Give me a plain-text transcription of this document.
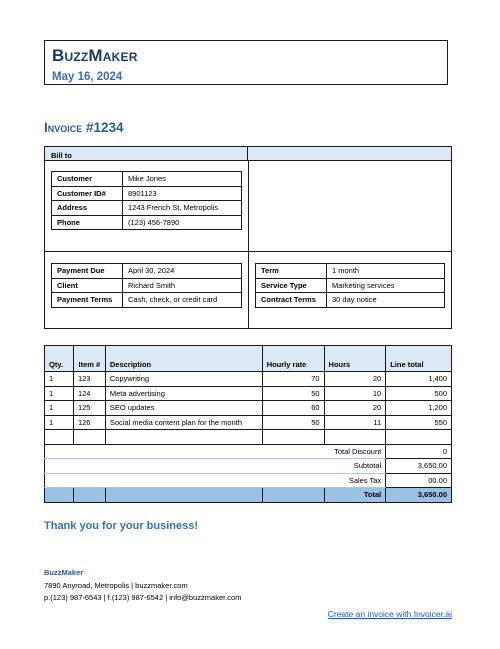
BuzzMaker
May 16, 2024
Invoice #1234
Bill to
Customer	Mike Jones
Customer ID#	8901123
Address	1243 French St, Metropolis
Phone	(123) 456-7890
Payment Due	April 30, 2024
Client	Richard Smith
Payment Terms	Cash, check, or credit card
Term	1 month
Service Type	Marketing services
Contract Terms	30 day notice
Qty.	Item #	Description	Hourly rate	Hours	Line total
1	123	Copywriting	70	20	1,400
1	124	Meta advertising	50	10	500
1	125	SEO updates	60	20	1,200
1	126	Social media content plan for the month	50	11	550

Total Discount					0
Subtotal					3,650.00
Sales Tax					00.00
				Total	3,650.00
Thank you for your business!
BuzzMaker
7890 Anyroad, Metropolis | buzzmaker.com
p.(123) 987-6543 | f.(123) 987-6542 | info@buzzmaker.com
Create an invoice with Invoicer.ai
